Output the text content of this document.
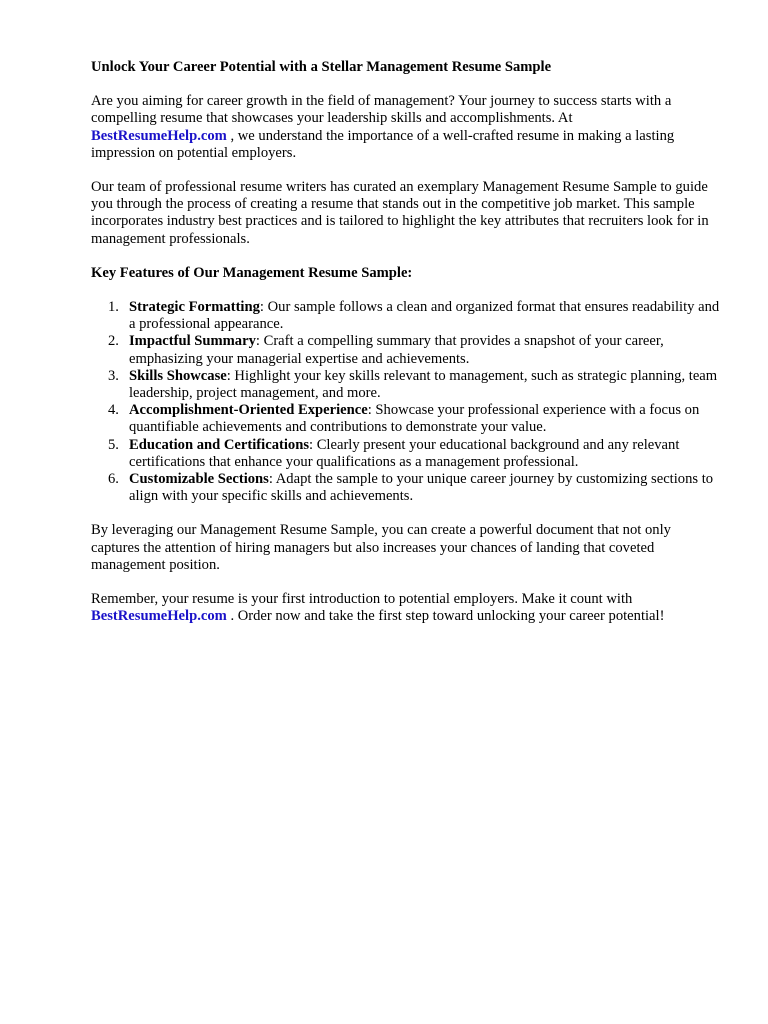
Unlock Your Career Potential with a Stellar Management Resume Sample

Are you aiming for career growth in the field of management? Your journey to success starts with a compelling resume that showcases your leadership skills and accomplishments. At
BestResumeHelp.com , we understand the importance of a well-crafted resume in making a lasting impression on potential employers.

Our team of professional resume writers has curated an exemplary Management Resume Sample to guide you through the process of creating a resume that stands out in the competitive job market. This sample incorporates industry best practices and is tailored to highlight the key attributes that recruiters look for in management professionals.

Key Features of Our Management Resume Sample:
1. Strategic Formatting: Our sample follows a clean and organized format that ensures readability and a professional appearance.
2. Impactful Summary: Craft a compelling summary that provides a snapshot of your career, emphasizing your managerial expertise and achievements.
3. Skills Showcase: Highlight your key skills relevant to management, such as strategic planning, team leadership, project management, and more.
4. Accomplishment-Oriented Experience: Showcase your professional experience with a focus on quantifiable achievements and contributions to demonstrate your value.
5. Education and Certifications: Clearly present your educational background and any relevant certifications that enhance your qualifications as a management professional.
6. Customizable Sections: Adapt the sample to your unique career journey by customizing sections to align with your specific skills and achievements.

By leveraging our Management Resume Sample, you can create a powerful document that not only captures the attention of hiring managers but also increases your chances of landing that coveted management position.

Remember, your resume is your first introduction to potential employers. Make it count with
BestResumeHelp.com . Order now and take the first step toward unlocking your career potential!
